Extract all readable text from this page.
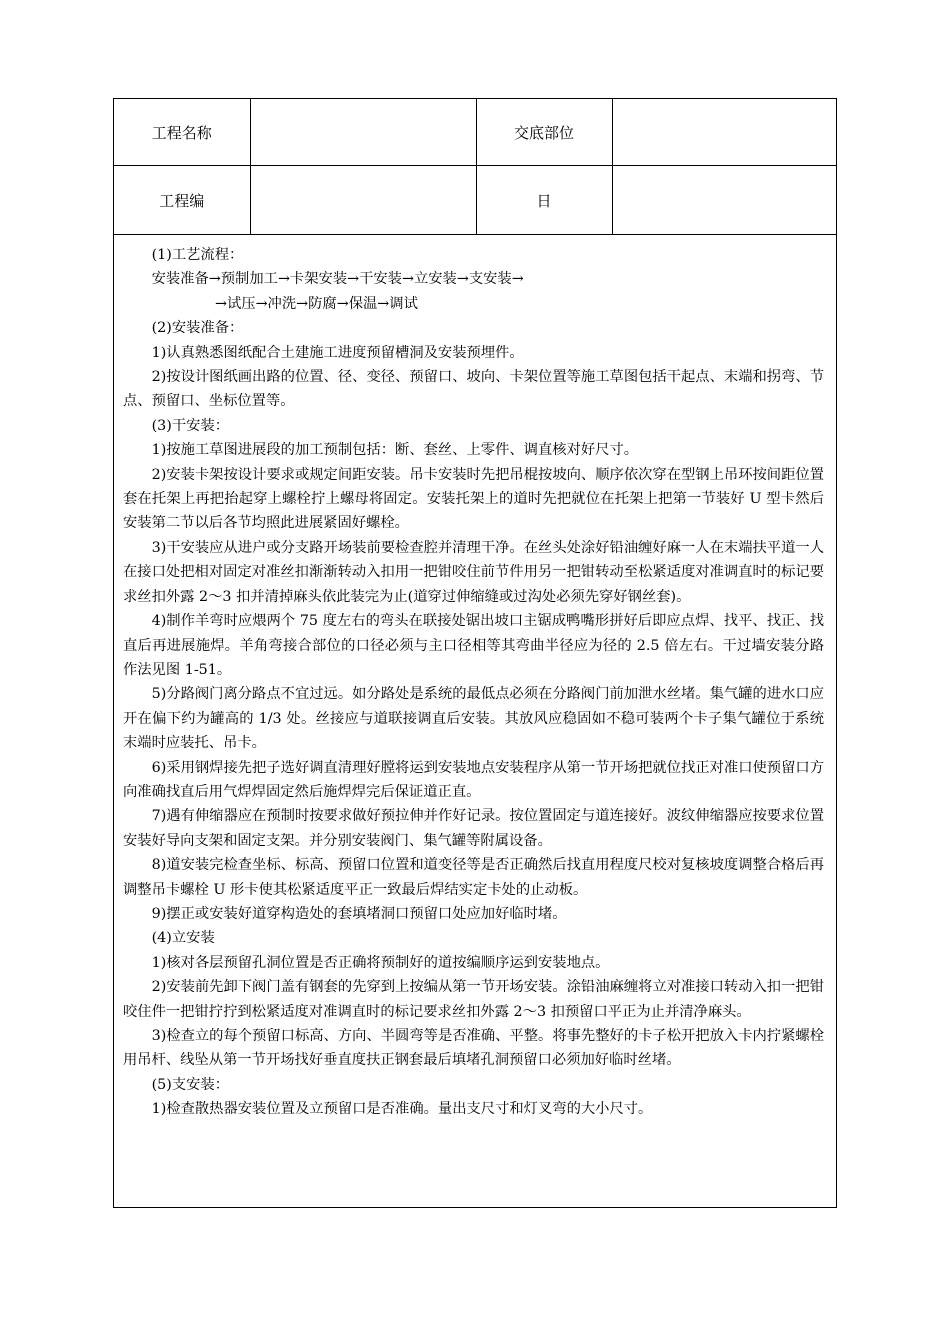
工程名称		交底部位	
工程编		日	

(1)工艺流程：

安装准备→预制加工→卡架安装→干安装→立安装→支安装→

→试压→冲洗→防腐→保温→调试

(2)安装准备：

1)认真熟悉图纸配合土建施工进度预留槽洞及安装预埋件。

2)按设计图纸画出路的位置、径、变径、预留口、坡向、卡架位置等施工草图包括干起点、末端和拐弯、节点、预留口、坐标位置等。

(3)干安装：

1)按施工草图进展段的加工预制包括：断、套丝、上零件、调直核对好尺寸。

2)安装卡架按设计要求或规定间距安装。吊卡安装时先把吊棍按坡向、顺序依次穿在型钢上吊环按间距位置套在托架上再把抬起穿上螺栓拧上螺母将固定。安装托架上的道时先把就位在托架上把第一节装好 U 型卡然后安装第二节以后各节均照此进展紧固好螺栓。

3)干安装应从进户或分支路开场装前要检查腔并清理干净。在丝头处涂好铅油缠好麻一人在末端扶平道一人在接口处把相对固定对准丝扣渐渐转动入扣用一把钳咬住前节件用另一把钳转动至松紧适度对准调直时的标记要求丝扣外露 2～3 扣并清掉麻头依此装完为止(道穿过伸缩缝或过沟处必须先穿好钢丝套)。

4)制作羊弯时应煨两个 75 度左右的弯头在联接处锯出坡口主锯成鸭嘴形拼好后即应点焊、找平、找正、找直后再进展施焊。羊角弯接合部位的口径必须与主口径相等其弯曲半径应为径的 2.5 倍左右。干过墙安装分路作法见图 1-51。

5)分路阀门离分路点不宜过远。如分路处是系统的最低点必须在分路阀门前加泄水丝堵。集气罐的进水口应开在偏下约为罐高的 1/3 处。丝接应与道联接调直后安装。其放风应稳固如不稳可装两个卡子集气罐位于系统末端时应装托、吊卡。

6)采用钢焊接先把子选好调直清理好膛将运到安装地点安装程序从第一节开场把就位找正对准口使预留口方向准确找直后用气焊焊固定然后施焊焊完后保证道正直。

7)遇有伸缩器应在预制时按要求做好预拉伸并作好记录。按位置固定与道连接好。波纹伸缩器应按要求位置安装好导向支架和固定支架。并分别安装阀门、集气罐等附属设备。

8)道安装完检查坐标、标高、预留口位置和道变径等是否正确然后找直用程度尺校对复核坡度调整合格后再调整吊卡螺栓 U 形卡使其松紧适度平正一致最后焊结实定卡处的止动板。

9)摆正或安装好道穿构造处的套填堵洞口预留口处应加好临时堵。

(4)立安装

1)核对各层预留孔洞位置是否正确将预制好的道按编顺序运到安装地点。

2)安装前先卸下阀门盖有钢套的先穿到上按编从第一节开场安装。涂铅油麻缠将立对准接口转动入扣一把钳咬住件一把钳拧拧到松紧适度对准调直时的标记要求丝扣外露 2～3 扣预留口平正为止并清净麻头。

3)检查立的每个预留口标高、方向、半圆弯等是否准确、平整。将事先整好的卡子松开把放入卡内拧紧螺栓用吊杆、线坠从第一节开场找好垂直度扶正钢套最后填堵孔洞预留口必须加好临时丝堵。

(5)支安装：

1)检查散热器安装位置及立预留口是否准确。量出支尺寸和灯叉弯的大小尺寸。
